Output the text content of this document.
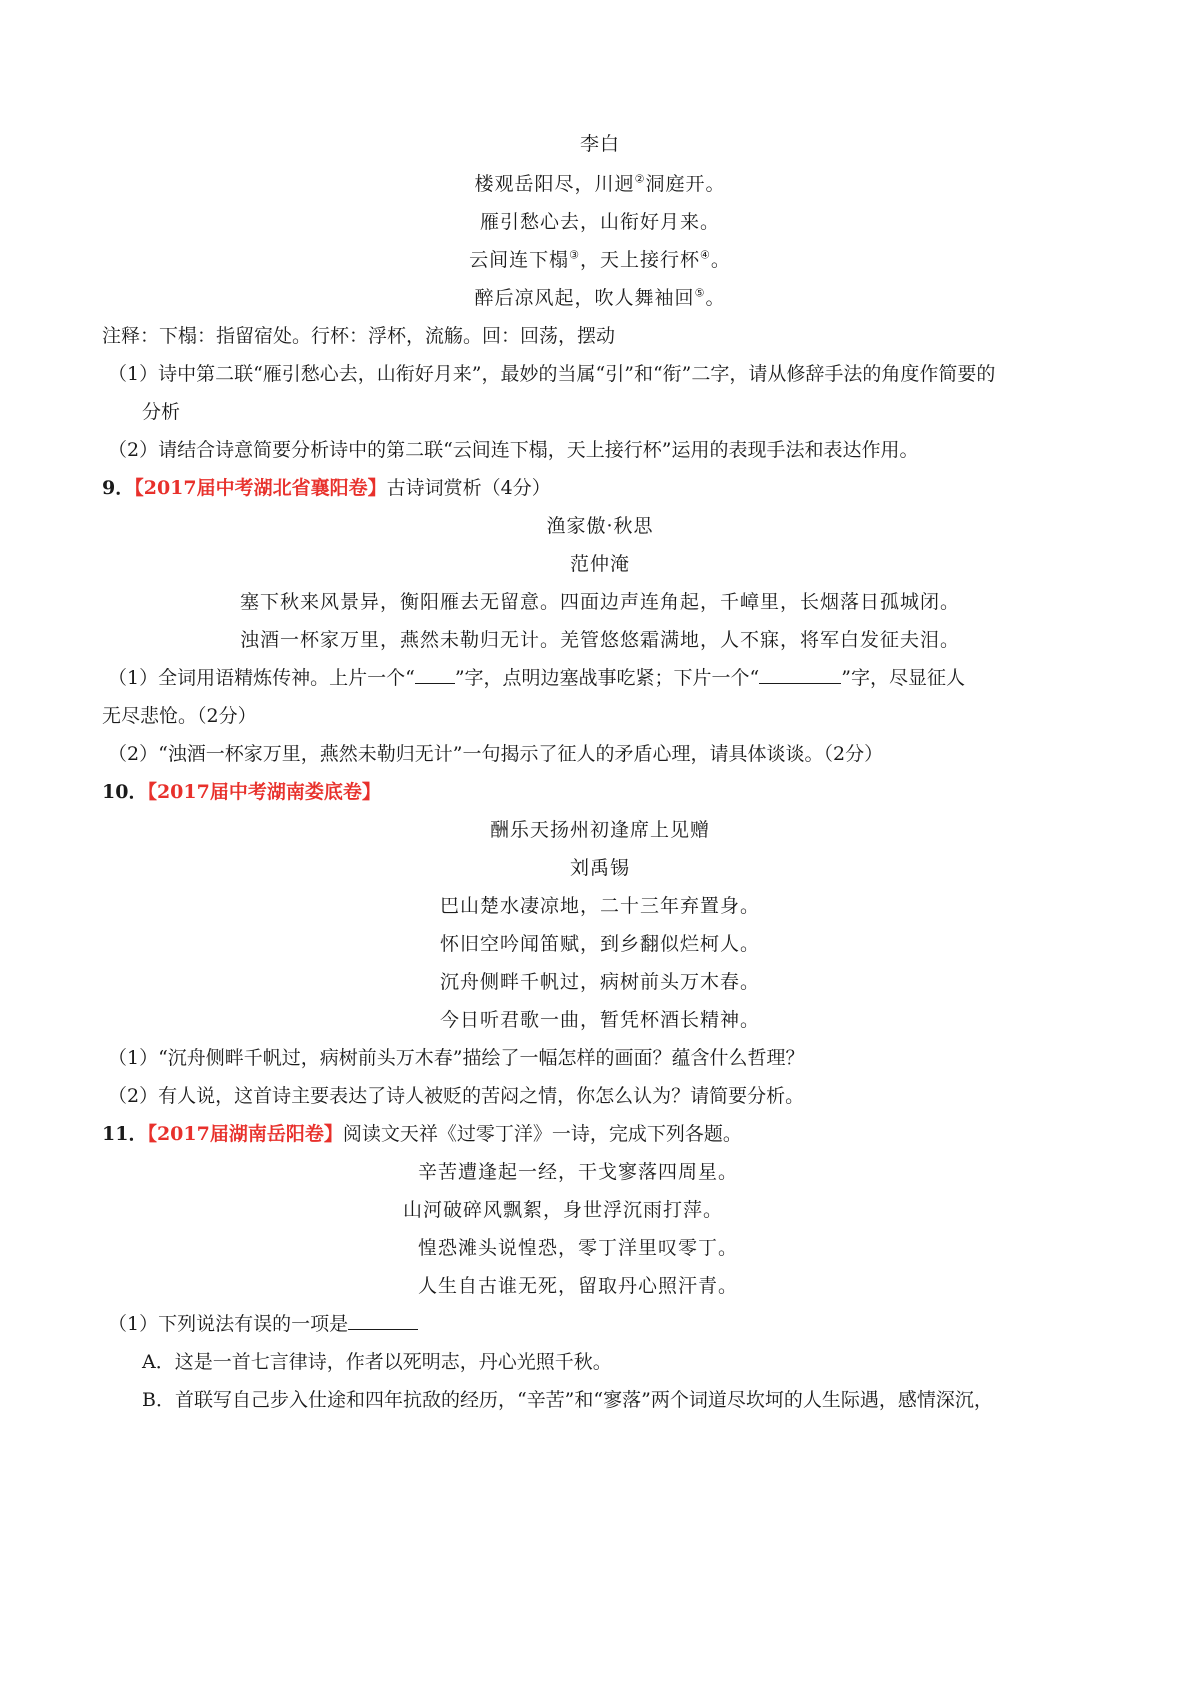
李白
楼观岳阳尽，川迥②洞庭开。
雁引愁心去，山衔好月来。
云间连下榻③，天上接行杯④。
醉后凉风起，吹人舞袖回⑤。
注释：下榻：指留宿处。行杯：浮杯，流觞。回：回荡，摆动
（1）诗中第二联“雁引愁心去，山衔好月来”，最妙的当属“引”和“衔”二字，请从修辞手法的角度作简要的
分析
（2）请结合诗意简要分析诗中的第二联“云间连下榻，天上接行杯”运用的表现手法和表达作用。
9．【2017届中考湖北省襄阳卷】古诗词赏析（4分）
渔家傲·秋思
范仲淹
塞下秋来风景异，衡阳雁去无留意。四面边声连角起，千嶂里，长烟落日孤城闭。
浊酒一杯家万里，燕然未勒归无计。羌管悠悠霜满地，人不寐，将军白发征夫泪。
（1）全词用语精炼传神。上片一个“ ”字，点明边塞战事吃紧；下片一个“	”字，尽显征人
无尽悲怆。（2分）
（2）“浊酒一杯家万里，燕然未勒归无计”一句揭示了征人的矛盾心理，请具体谈谈。（2分）
10．【2017届中考湖南娄底卷】
酬乐天扬州初逢席上见赠
刘禹锡
巴山楚水凄凉地，二十三年弃置身。
怀旧空吟闻笛赋，到乡翻似烂柯人。
沉舟侧畔千帆过，病树前头万木春。
今日听君歌一曲，暂凭杯酒长精神。
（1）“沉舟侧畔千帆过，病树前头万木春”描绘了一幅怎样的画面？蕴含什么哲理？
（2）有人说，这首诗主要表达了诗人被贬的苦闷之情，你怎么认为？请简要分析。
11．【2017届湖南岳阳卷】阅读文天祥《过零丁洋》一诗，完成下列各题。
辛苦遭逢起一经，干戈寥落四周星。
山河破碎风飘絮，身世浮沉雨打萍。
惶恐滩头说惶恐，零丁洋里叹零丁。
人生自古谁无死，留取丹心照汗青。
（1）下列说法有误的一项是
A．这是一首七言律诗，作者以死明志，丹心光照千秋。
B．首联写自己步入仕途和四年抗敌的经历，“辛苦”和“寥落”两个词道尽坎坷的人生际遇，感情深沉，
